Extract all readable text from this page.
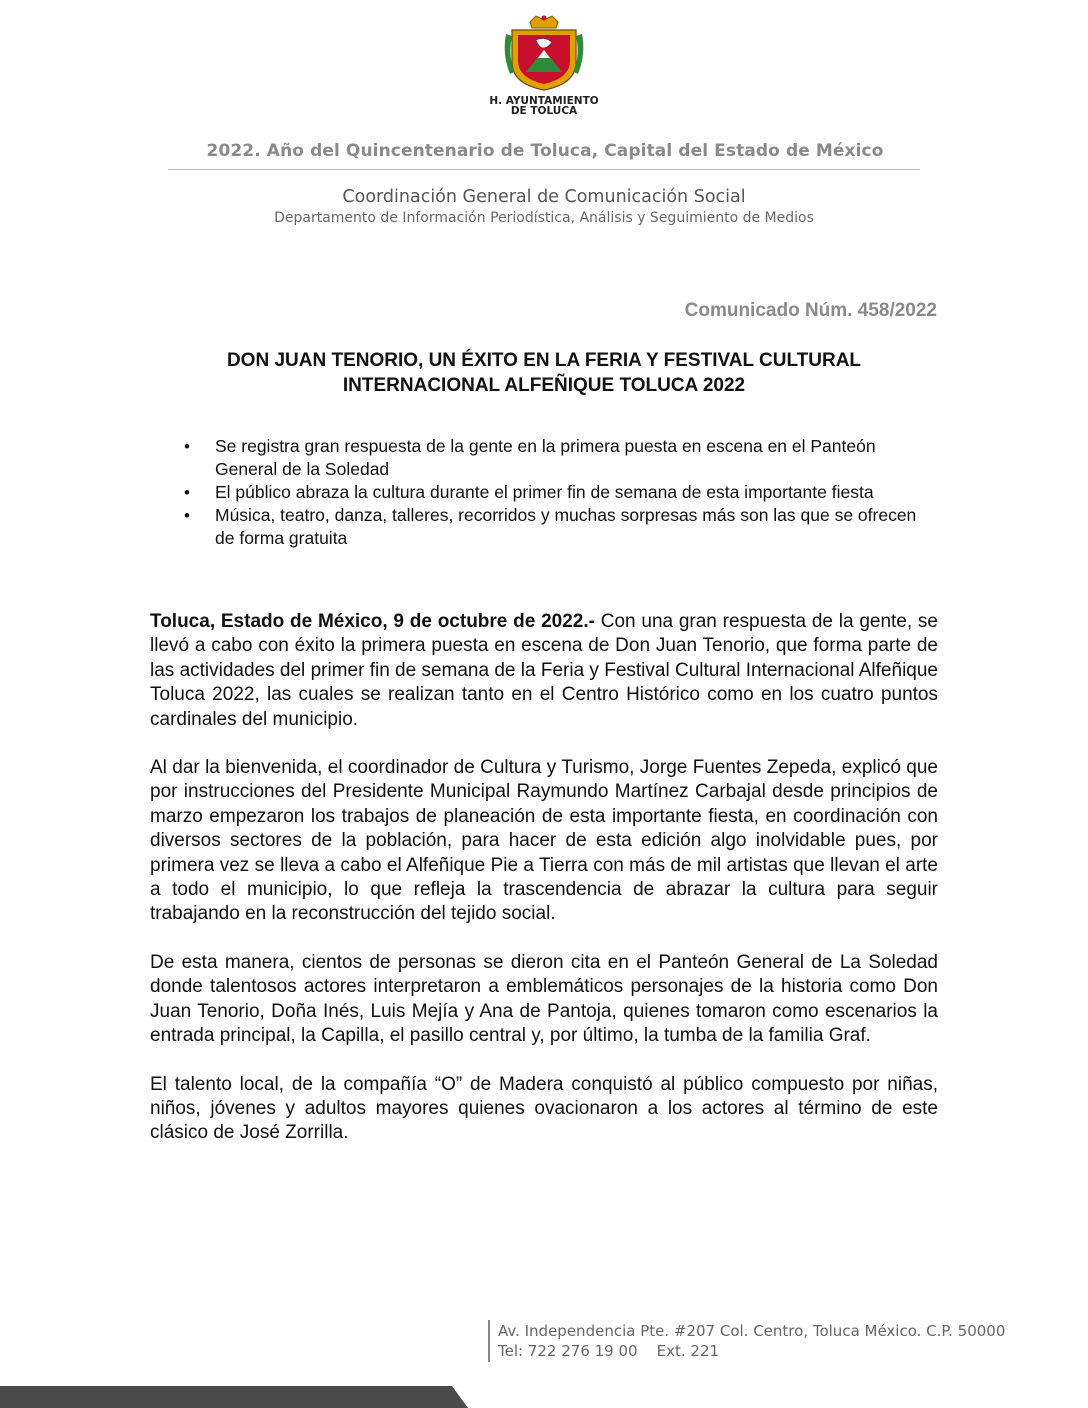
H. AYUNTAMIENTO
DE TOLUCA
2022. Año del Quincentenario de Toluca, Capital del Estado de México
Coordinación General de Comunicación Social
Departamento de Información Periodística, Análisis y Seguimiento de Medios
Comunicado Núm. 458/2022
DON JUAN TENORIO, UN ÉXITO EN LA FERIA Y FESTIVAL CULTURAL
INTERNACIONAL ALFEÑIQUE TOLUCA 2022
• Se registra gran respuesta de la gente en la primera puesta en escena en el Panteón General de la Soledad
• El público abraza la cultura durante el primer fin de semana de esta importante fiesta
• Música, teatro, danza, talleres, recorridos y muchas sorpresas más son las que se ofrecen de forma gratuita

Toluca, Estado de México, 9 de octubre de 2022.- Con una gran respuesta de la gente, se llevó a cabo con éxito la primera puesta en escena de Don Juan Tenorio, que forma parte de las actividades del primer fin de semana de la Feria y Festival Cultural Internacional Alfeñique Toluca 2022, las cuales se realizan tanto en el Centro Histórico como en los cuatro puntos cardinales del municipio.

Al dar la bienvenida, el coordinador de Cultura y Turismo, Jorge Fuentes Zepeda, explicó que por instrucciones del Presidente Municipal Raymundo Martínez Carbajal desde principios de marzo empezaron los trabajos de planeación de esta importante fiesta, en coordinación con diversos sectores de la población, para hacer de esta edición algo inolvidable pues, por primera vez se lleva a cabo el Alfeñique Pie a Tierra con más de mil artistas que llevan el arte a todo el municipio, lo que refleja la trascendencia de abrazar la cultura para seguir trabajando en la reconstrucción del tejido social.

De esta manera, cientos de personas se dieron cita en el Panteón General de La Soledad donde talentosos actores interpretaron a emblemáticos personajes de la historia como Don Juan Tenorio, Doña Inés, Luis Mejía y Ana de Pantoja, quienes tomaron como escenarios la entrada principal, la Capilla, el pasillo central y, por último, la tumba de la familia Graf.

El talento local, de la compañía “O” de Madera conquistó al público compuesto por niñas, niños, jóvenes y adultos mayores quienes ovacionaron a los actores al término de este clásico de José Zorrilla.

Av. Independencia Pte. #207 Col. Centro, Toluca México. C.P. 50000
Tel: 722 276 19 00    Ext. 221
